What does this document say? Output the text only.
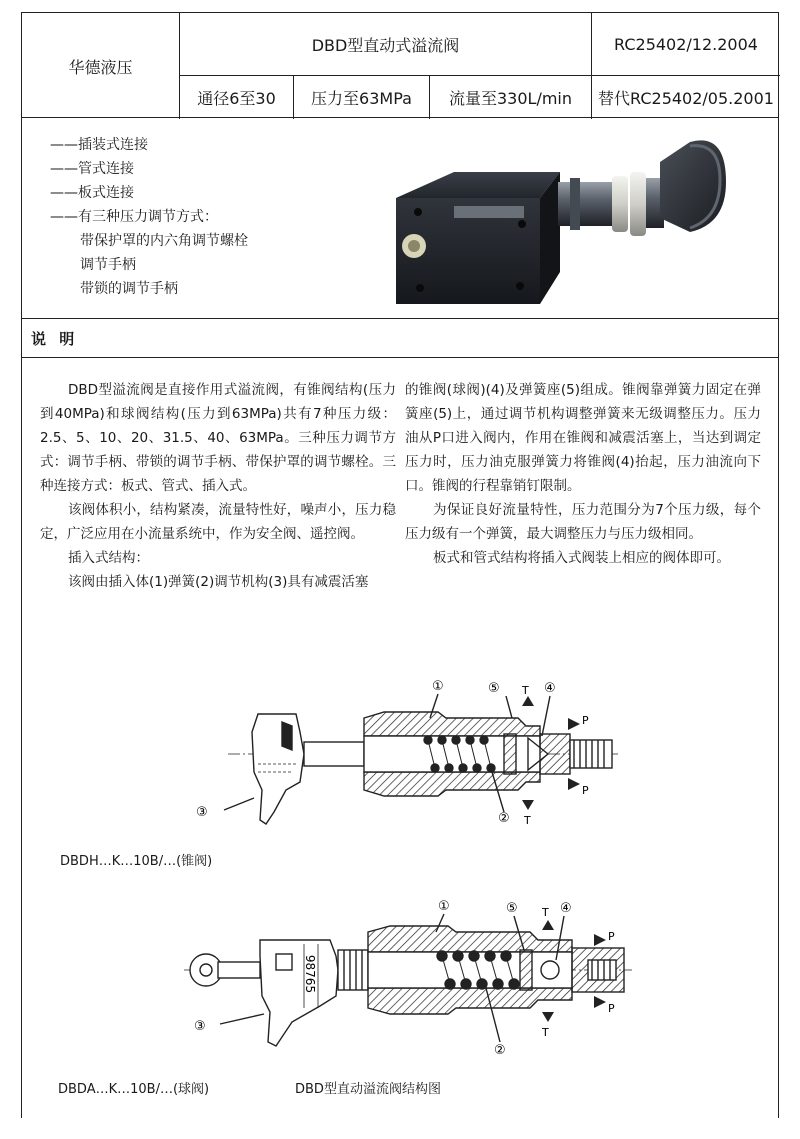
华德液压
DBD型直动式溢流阀	RC25402/12.2004
通径6至30	压力至63MPa	流量至330L/min	替代RC25402/05.2001
——插装式连接
——管式连接
——板式连接
——有三种压力调节方式：
带保护罩的内六角调节螺栓
调节手柄
带锁的调节手柄
说 明

DBD型溢流阀是直接作用式溢流阀，有锥阀结构(压力到40MPa)和球阀结构(压力到63MPa)共有7种压力级：2.5、5、10、20、31.5、40、63MPa。三种压力调节方式：调节手柄、带锁的调节手柄、带保护罩的调节螺栓。三种连接方式：板式、管式、插入式。

该阀体积小，结构紧凑，流量特性好，噪声小，压力稳定，广泛应用在小流量系统中，作为安全阀、遥控阀。

插入式结构：

该阀由插入体(1)弹簧(2)调节机构(3)具有减震活塞

的锥阀(球阀)(4)及弹簧座(5)组成。锥阀靠弹簧力固定在弹簧座(5)上，通过调节机构调整弹簧来无级调整压力。压力油从P口进入阀内，作用在锥阀和减震活塞上，当达到调定压力时，压力油克服弹簧力将锥阀(4)抬起，压力油流向下口。锥阀的行程靠销钉限制。

为保证良好流量特性，压力范围分为7个压力级，每个压力级有一个弹簧，最大调整压力与压力级相同。

板式和管式结构将插入式阀装上相应的阀体即可。

①	⑤ T ④
P
P
② T
③
DBDH…K…10B/…(锥阀)
98765
①	⑤ T ④
P
P
②
T
③
DBDA…K…10B/…(球阀)	DBD型直动溢流阀结构图
